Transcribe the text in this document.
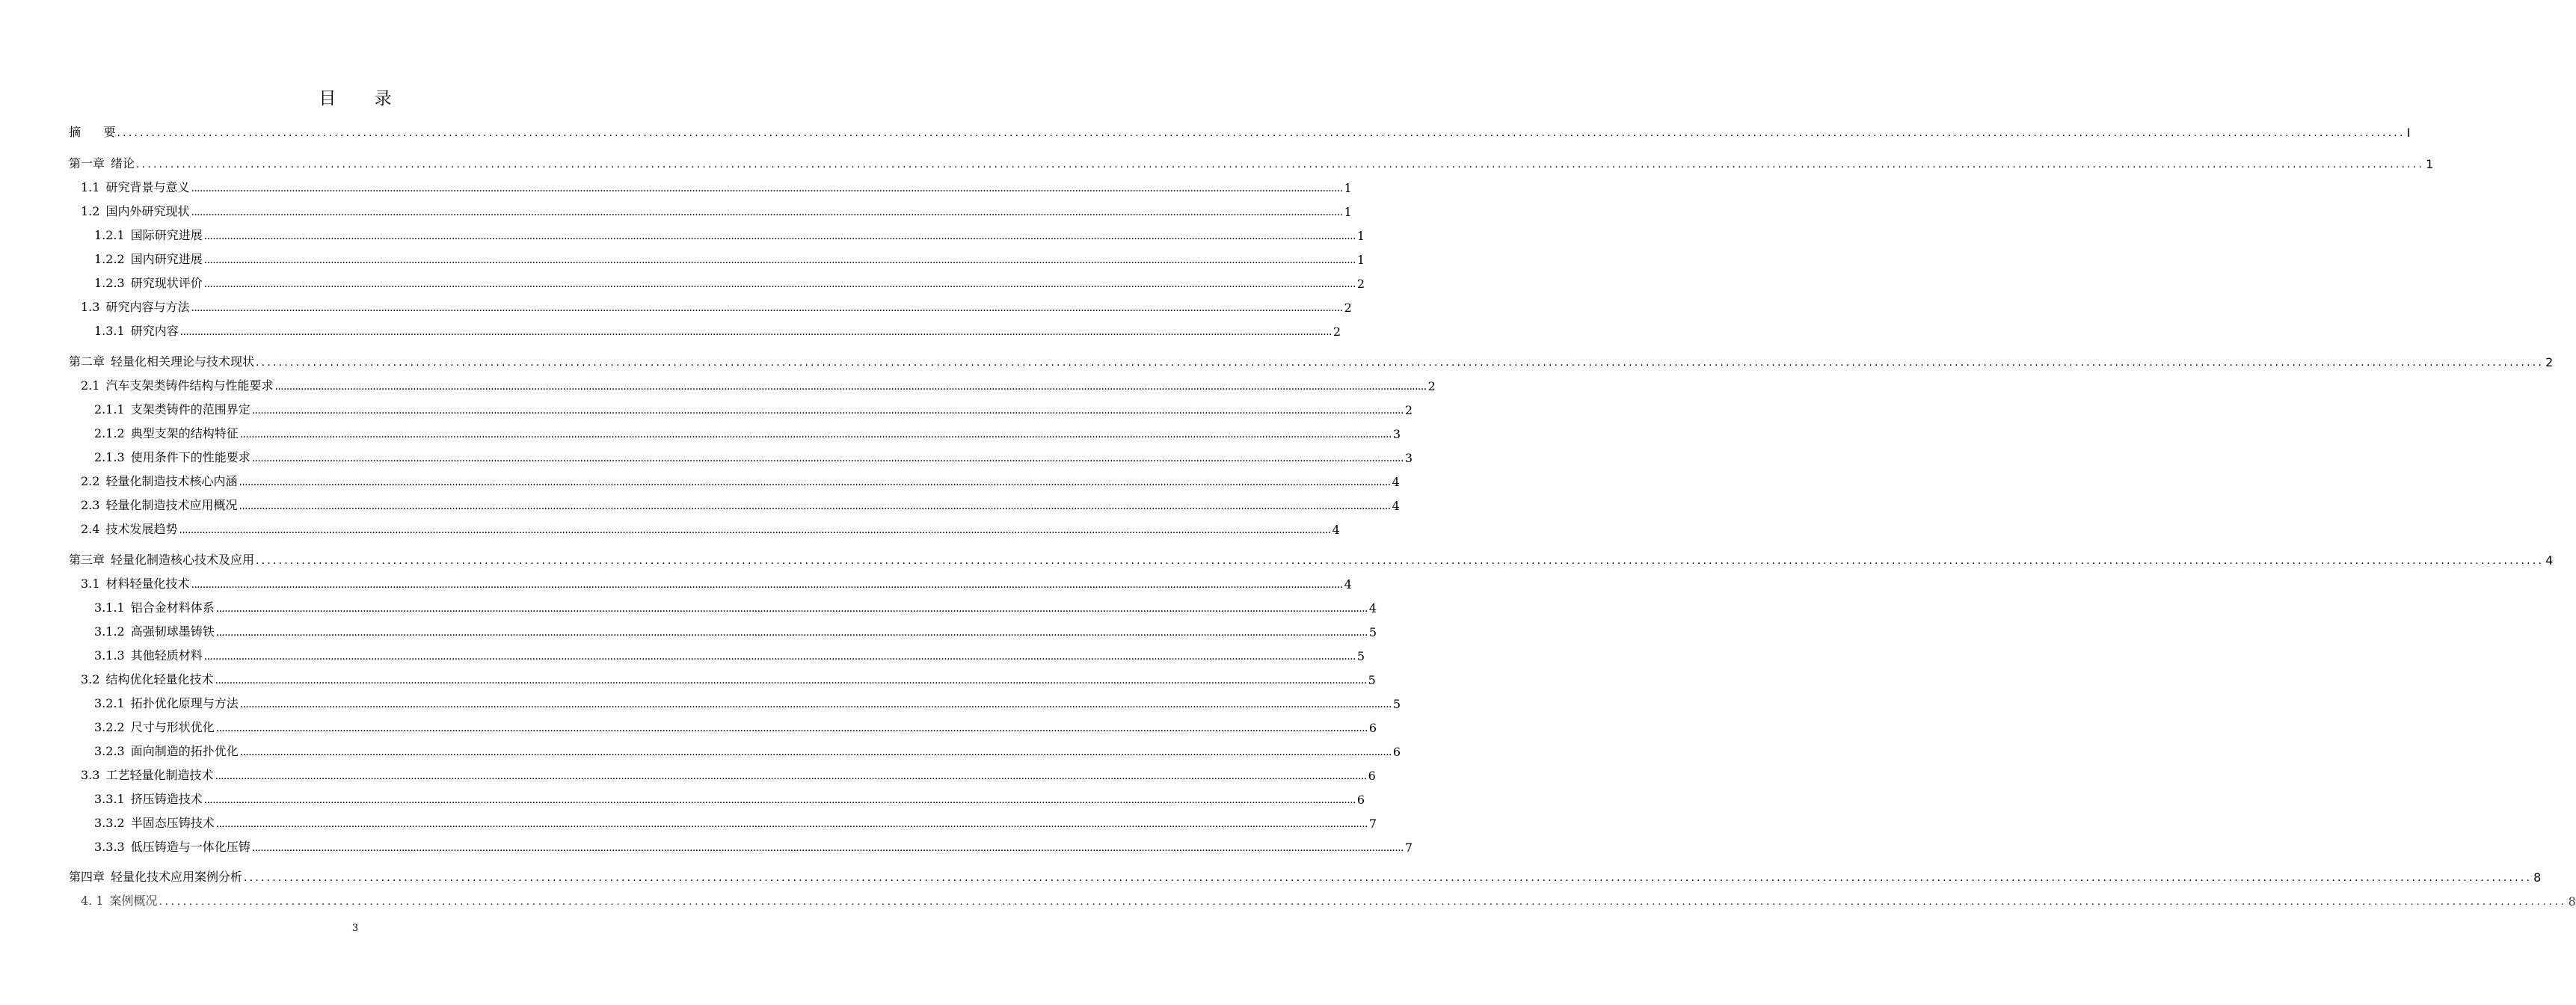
目 录
摘      要 ................................................................................................................................................................................................................................................................................................................................................................................................................ I
第一章 绪论 ................................................................................................................................................................................................................................................................................................................................................................................................................ 1
1.1 研究背景与意义 ................................................................................................................................................................................................................................................................................................................................................................................................................ 1
1.2 国内外研究现状 ................................................................................................................................................................................................................................................................................................................................................................................................................ 1
1.2.1 国际研究进展 ................................................................................................................................................................................................................................................................................................................................................................................................................ 1
1.2.2 国内研究进展 ................................................................................................................................................................................................................................................................................................................................................................................................................ 1
1.2.3 研究现状评价 ................................................................................................................................................................................................................................................................................................................................................................................................................ 2
1.3 研究内容与方法 ................................................................................................................................................................................................................................................................................................................................................................................................................ 2
1.3.1 研究内容 ................................................................................................................................................................................................................................................................................................................................................................................................................ 2
第二章 轻量化相关理论与技术现状 ................................................................................................................................................................................................................................................................................................................................................................................................................ 2
2.1 汽车支架类铸件结构与性能要求 ................................................................................................................................................................................................................................................................................................................................................................................................................ 2
2.1.1 支架类铸件的范围界定 ................................................................................................................................................................................................................................................................................................................................................................................................................ 2
2.1.2 典型支架的结构特征 ................................................................................................................................................................................................................................................................................................................................................................................................................ 3
2.1.3 使用条件下的性能要求 ................................................................................................................................................................................................................................................................................................................................................................................................................ 3
2.2 轻量化制造技术核心内涵 ................................................................................................................................................................................................................................................................................................................................................................................................................ 4
2.3 轻量化制造技术应用概况 ................................................................................................................................................................................................................................................................................................................................................................................................................ 4
2.4 技术发展趋势 ................................................................................................................................................................................................................................................................................................................................................................................................................ 4
第三章 轻量化制造核心技术及应用 ................................................................................................................................................................................................................................................................................................................................................................................................................ 4
3.1 材料轻量化技术 ................................................................................................................................................................................................................................................................................................................................................................................................................ 4
3.1.1 铝合金材料体系 ................................................................................................................................................................................................................................................................................................................................................................................................................ 4
3.1.2 高强韧球墨铸铁 ................................................................................................................................................................................................................................................................................................................................................................................................................ 5
3.1.3 其他轻质材料 ................................................................................................................................................................................................................................................................................................................................................................................................................ 5
3.2 结构优化轻量化技术 ................................................................................................................................................................................................................................................................................................................................................................................................................ 5
3.2.1 拓扑优化原理与方法 ................................................................................................................................................................................................................................................................................................................................................................................................................ 5
3.2.2 尺寸与形状优化 ................................................................................................................................................................................................................................................................................................................................................................................................................ 6
3.2.3 面向制造的拓扑优化 ................................................................................................................................................................................................................................................................................................................................................................................................................ 6
3.3 工艺轻量化制造技术 ................................................................................................................................................................................................................................................................................................................................................................................................................ 6
3.3.1 挤压铸造技术 ................................................................................................................................................................................................................................................................................................................................................................................................................ 6
3.3.2 半固态压铸技术 ................................................................................................................................................................................................................................................................................................................................................................................................................ 7
3.3.3 低压铸造与一体化压铸 ................................................................................................................................................................................................................................................................................................................................................................................................................ 7
第四章 轻量化技术应用案例分析 ................................................................................................................................................................................................................................................................................................................................................................................................................ 8
4. 1 案例概况 ................................................................................................................................................................................................................................................................................................................................................................................................................ 8
3
